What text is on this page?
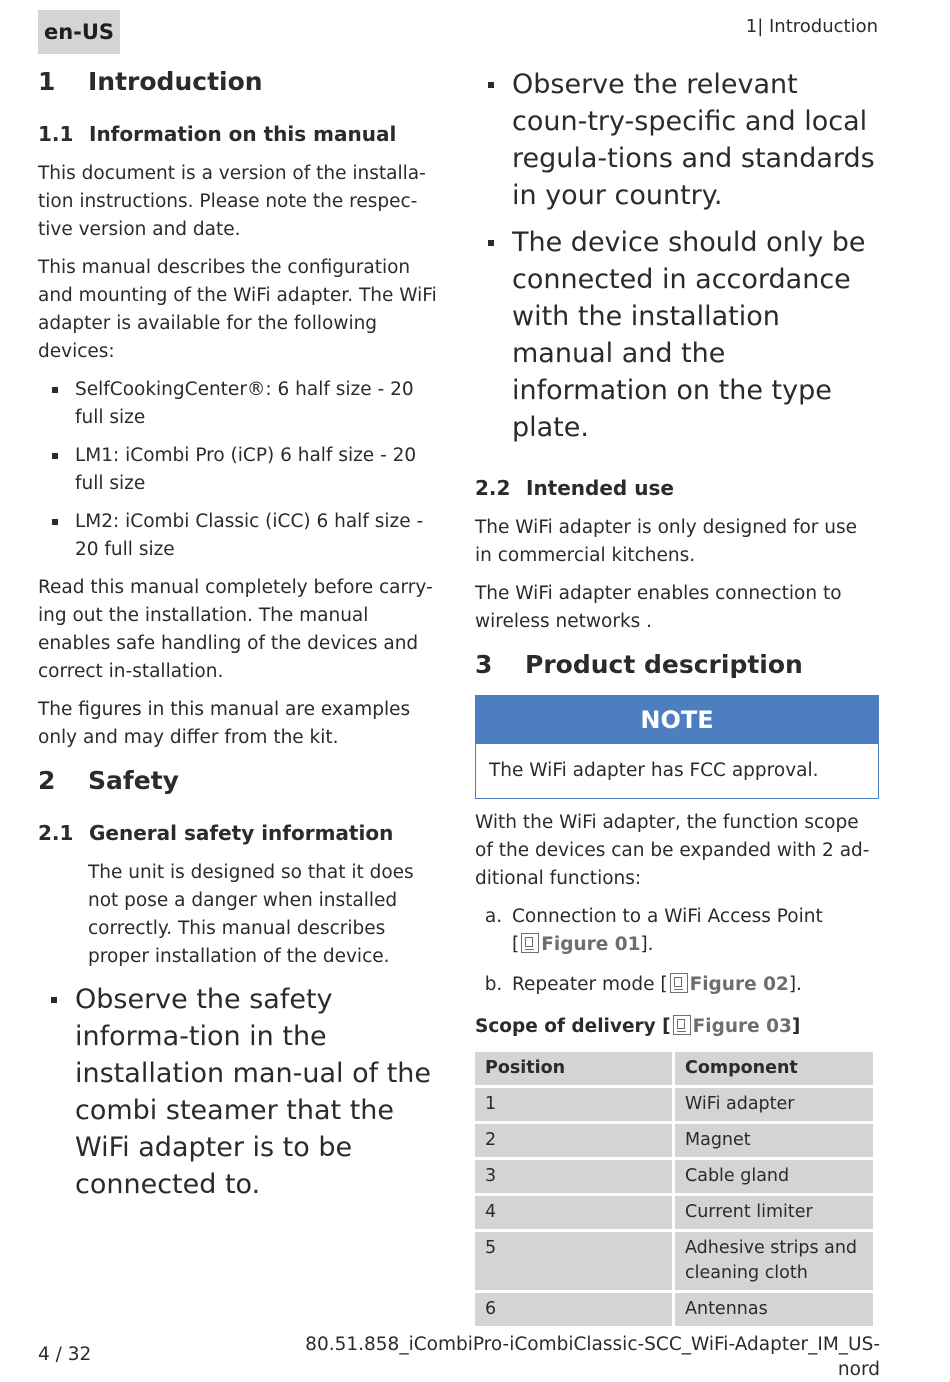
en-US	1| Introduction
1	Introduction
1.1 Information on this manual

This document is a version of the installa-tion instructions. Please note the respec-tive version and date.

This manual describes the configuration and mounting of the WiFi adapter. The WiFi adapter is available for the following devices:

SelfCookingCenter®: 6 half size - 20 full size
LM1: iCombi Pro (iCP) 6 half size - 20 full size
LM2: iCombi Classic (iCC) 6 half size - 20 full size

Read this manual completely before carry-ing out the installation. The manual enables safe handling of the devices and correct in-stallation.

The figures in this manual are examples only and may differ from the kit.

2	Safety
2.1 General safety information

The unit is designed so that it does not pose a danger when installed correctly. This manual describes proper installation of the device.

Observe the safety informa-tion in the installation man-ual of the combi steamer that the WiFi adapter is to be connected to.
Observe the relevant coun-try-specific and local regula-tions and standards in your country.
The device should only be connected in accordance with the installation manual and the information on the type plate.
2.2 Intended use

The WiFi adapter is only designed for use in commercial kitchens.

The WiFi adapter enables connection to wireless networks .

3	Product description
NOTE
The WiFi adapter has FCC approval.

With the WiFi adapter, the function scope of the devices can be expanded with 2 ad-ditional functions:

a. Connection to a WiFi Access Point
[ Figure 01].
b. Repeater mode [ Figure 02].
Scope of delivery [ Figure 03]
Position	Component
1	WiFi adapter
2	Magnet
3	Cable gland
4	Current limiter
5	Adhesive strips and cleaning cloth
6	Antennas
4 / 32	80.51.858_iCombiPro-iCombiClassic-SCC_WiFi-Adapter_IM_US-
nord
